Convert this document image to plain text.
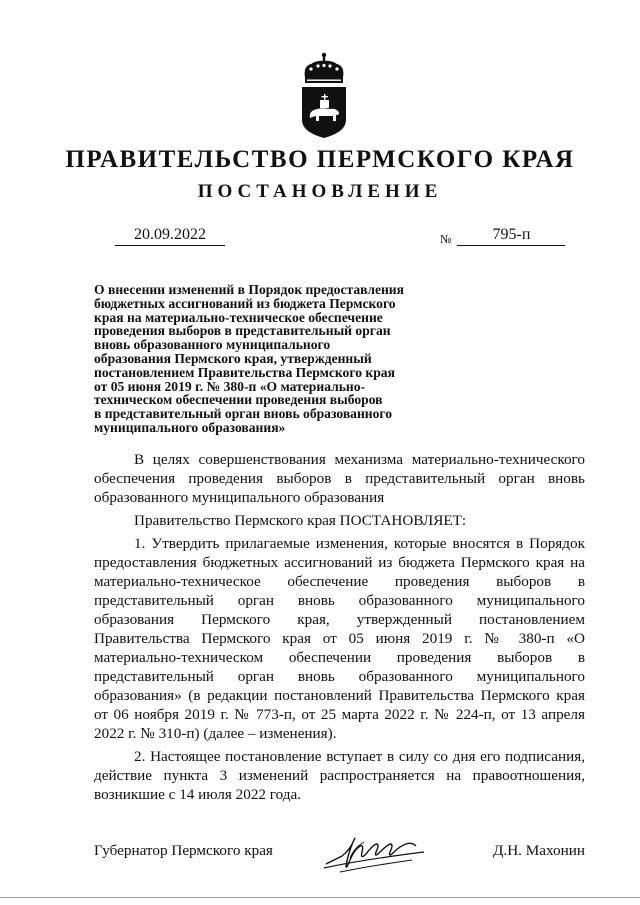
ПРАВИТЕЛЬСТВО ПЕРМСКОГО КРАЯ
ПОСТАНОВЛЕНИЕ
20.09.2022	$_№$	795-п
О внесении изменений в Порядок предоставления
бюджетных ассигнований из бюджета Пермского
края на материально-техническое обеспечение
проведения выборов в представительный орган
вновь образованного муниципального
образования Пермского края, утвержденный
постановлением Правительства Пермского края
от 05 июня 2019 г. № 380-п «О материально-
техническом обеспечении проведения выборов
в представительный орган вновь образованного
муниципального образования»

В целях совершенствования механизма материально-технического обеспечения проведения выборов в представительный орган вновь образованного муниципального образования

Правительство Пермского края ПОСТАНОВЛЯЕТ:

1. Утвердить прилагаемые изменения, которые вносятся в Порядок предоставления бюджетных ассигнований из бюджета Пермского края на материально-техническое обеспечение проведения выборов в представительный орган вновь образованного муниципального образования Пермского края, утвержденный постановлением Правительства Пермского края от 05 июня 2019 г. № 380-п «О материально-техническом обеспечении проведения выборов в представительный орган вновь образованного муниципального образования» (в редакции постановлений Правительства Пермского края от 06 ноября 2019 г. № 773-п, от 25 марта 2022 г. № 224-п, от 13 апреля 2022 г. № 310-п) (далее – изменения).

2. Настоящее постановление вступает в силу со дня его подписания, действие пункта 3 изменений распространяется на правоотношения, возникшие с 14 июля 2022 года.

Губернатор Пермского края	Д.Н. Махонин
